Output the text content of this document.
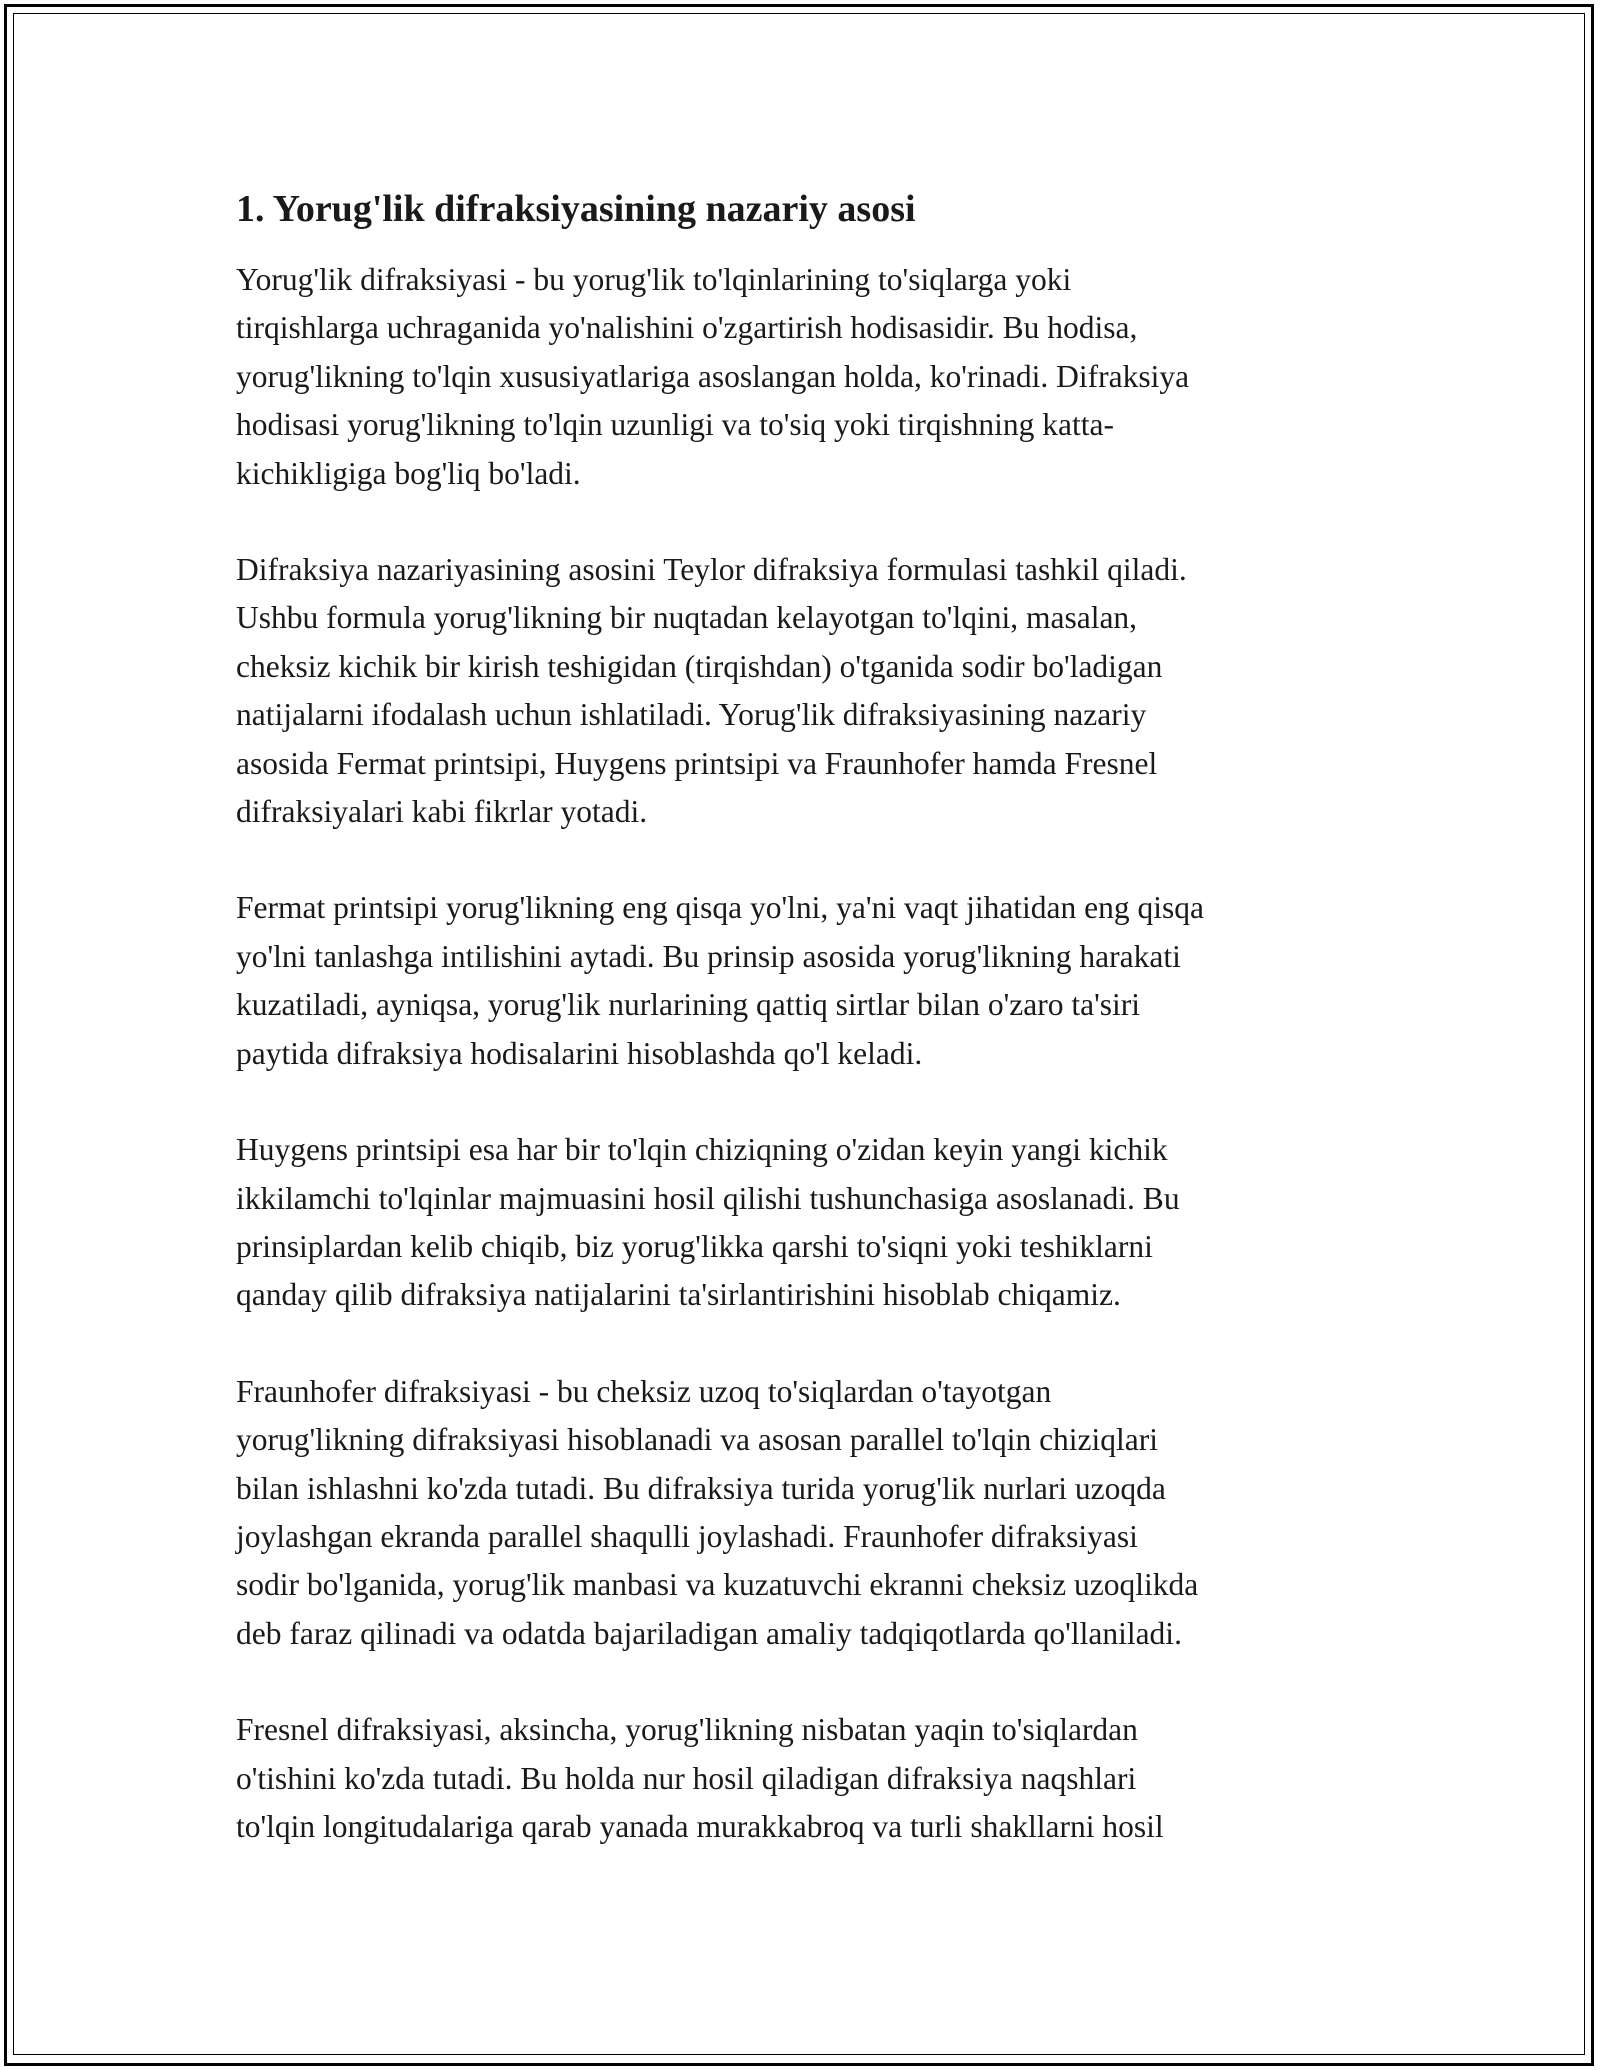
1. Yorug'lik difraksiyasining nazariy asosi

Yorug'lik difraksiyasi - bu yorug'lik to'lqinlarining to'siqlarga yoki
tirqishlarga uchraganida yo'nalishini o'zgartirish hodisasidir. Bu hodisa,
yorug'likning to'lqin xususiyatlariga asoslangan holda, ko'rinadi. Difraksiya
hodisasi yorug'likning to'lqin uzunligi va to'siq yoki tirqishning katta-
kichikligiga bog'liq bo'ladi.

Difraksiya nazariyasining asosini Teylor difraksiya formulasi tashkil qiladi.
Ushbu formula yorug'likning bir nuqtadan kelayotgan to'lqini, masalan,
cheksiz kichik bir kirish teshigidan (tirqishdan) o'tganida sodir bo'ladigan
natijalarni ifodalash uchun ishlatiladi. Yorug'lik difraksiyasining nazariy
asosida Fermat printsipi, Huygens printsipi va Fraunhofer hamda Fresnel
difraksiyalari kabi fikrlar yotadi.

Fermat printsipi yorug'likning eng qisqa yo'lni, ya'ni vaqt jihatidan eng qisqa
yo'lni tanlashga intilishini aytadi. Bu prinsip asosida yorug'likning harakati
kuzatiladi, ayniqsa, yorug'lik nurlarining qattiq sirtlar bilan o'zaro ta'siri
paytida difraksiya hodisalarini hisoblashda qo'l keladi.

Huygens printsipi esa har bir to'lqin chiziqning o'zidan keyin yangi kichik
ikkilamchi to'lqinlar majmuasini hosil qilishi tushunchasiga asoslanadi. Bu
prinsiplardan kelib chiqib, biz yorug'likka qarshi to'siqni yoki teshiklarni
qanday qilib difraksiya natijalarini ta'sirlantirishini hisoblab chiqamiz.

Fraunhofer difraksiyasi - bu cheksiz uzoq to'siqlardan o'tayotgan
yorug'likning difraksiyasi hisoblanadi va asosan parallel to'lqin chiziqlari
bilan ishlashni ko'zda tutadi. Bu difraksiya turida yorug'lik nurlari uzoqda
joylashgan ekranda parallel shaqulli joylashadi. Fraunhofer difraksiyasi
sodir bo'lganida, yorug'lik manbasi va kuzatuvchi ekranni cheksiz uzoqlikda
deb faraz qilinadi va odatda bajariladigan amaliy tadqiqotlarda qo'llaniladi.

Fresnel difraksiyasi, aksincha, yorug'likning nisbatan yaqin to'siqlardan
o'tishini ko'zda tutadi. Bu holda nur hosil qiladigan difraksiya naqshlari
to'lqin longitudalariga qarab yanada murakkabroq va turli shakllarni hosil
